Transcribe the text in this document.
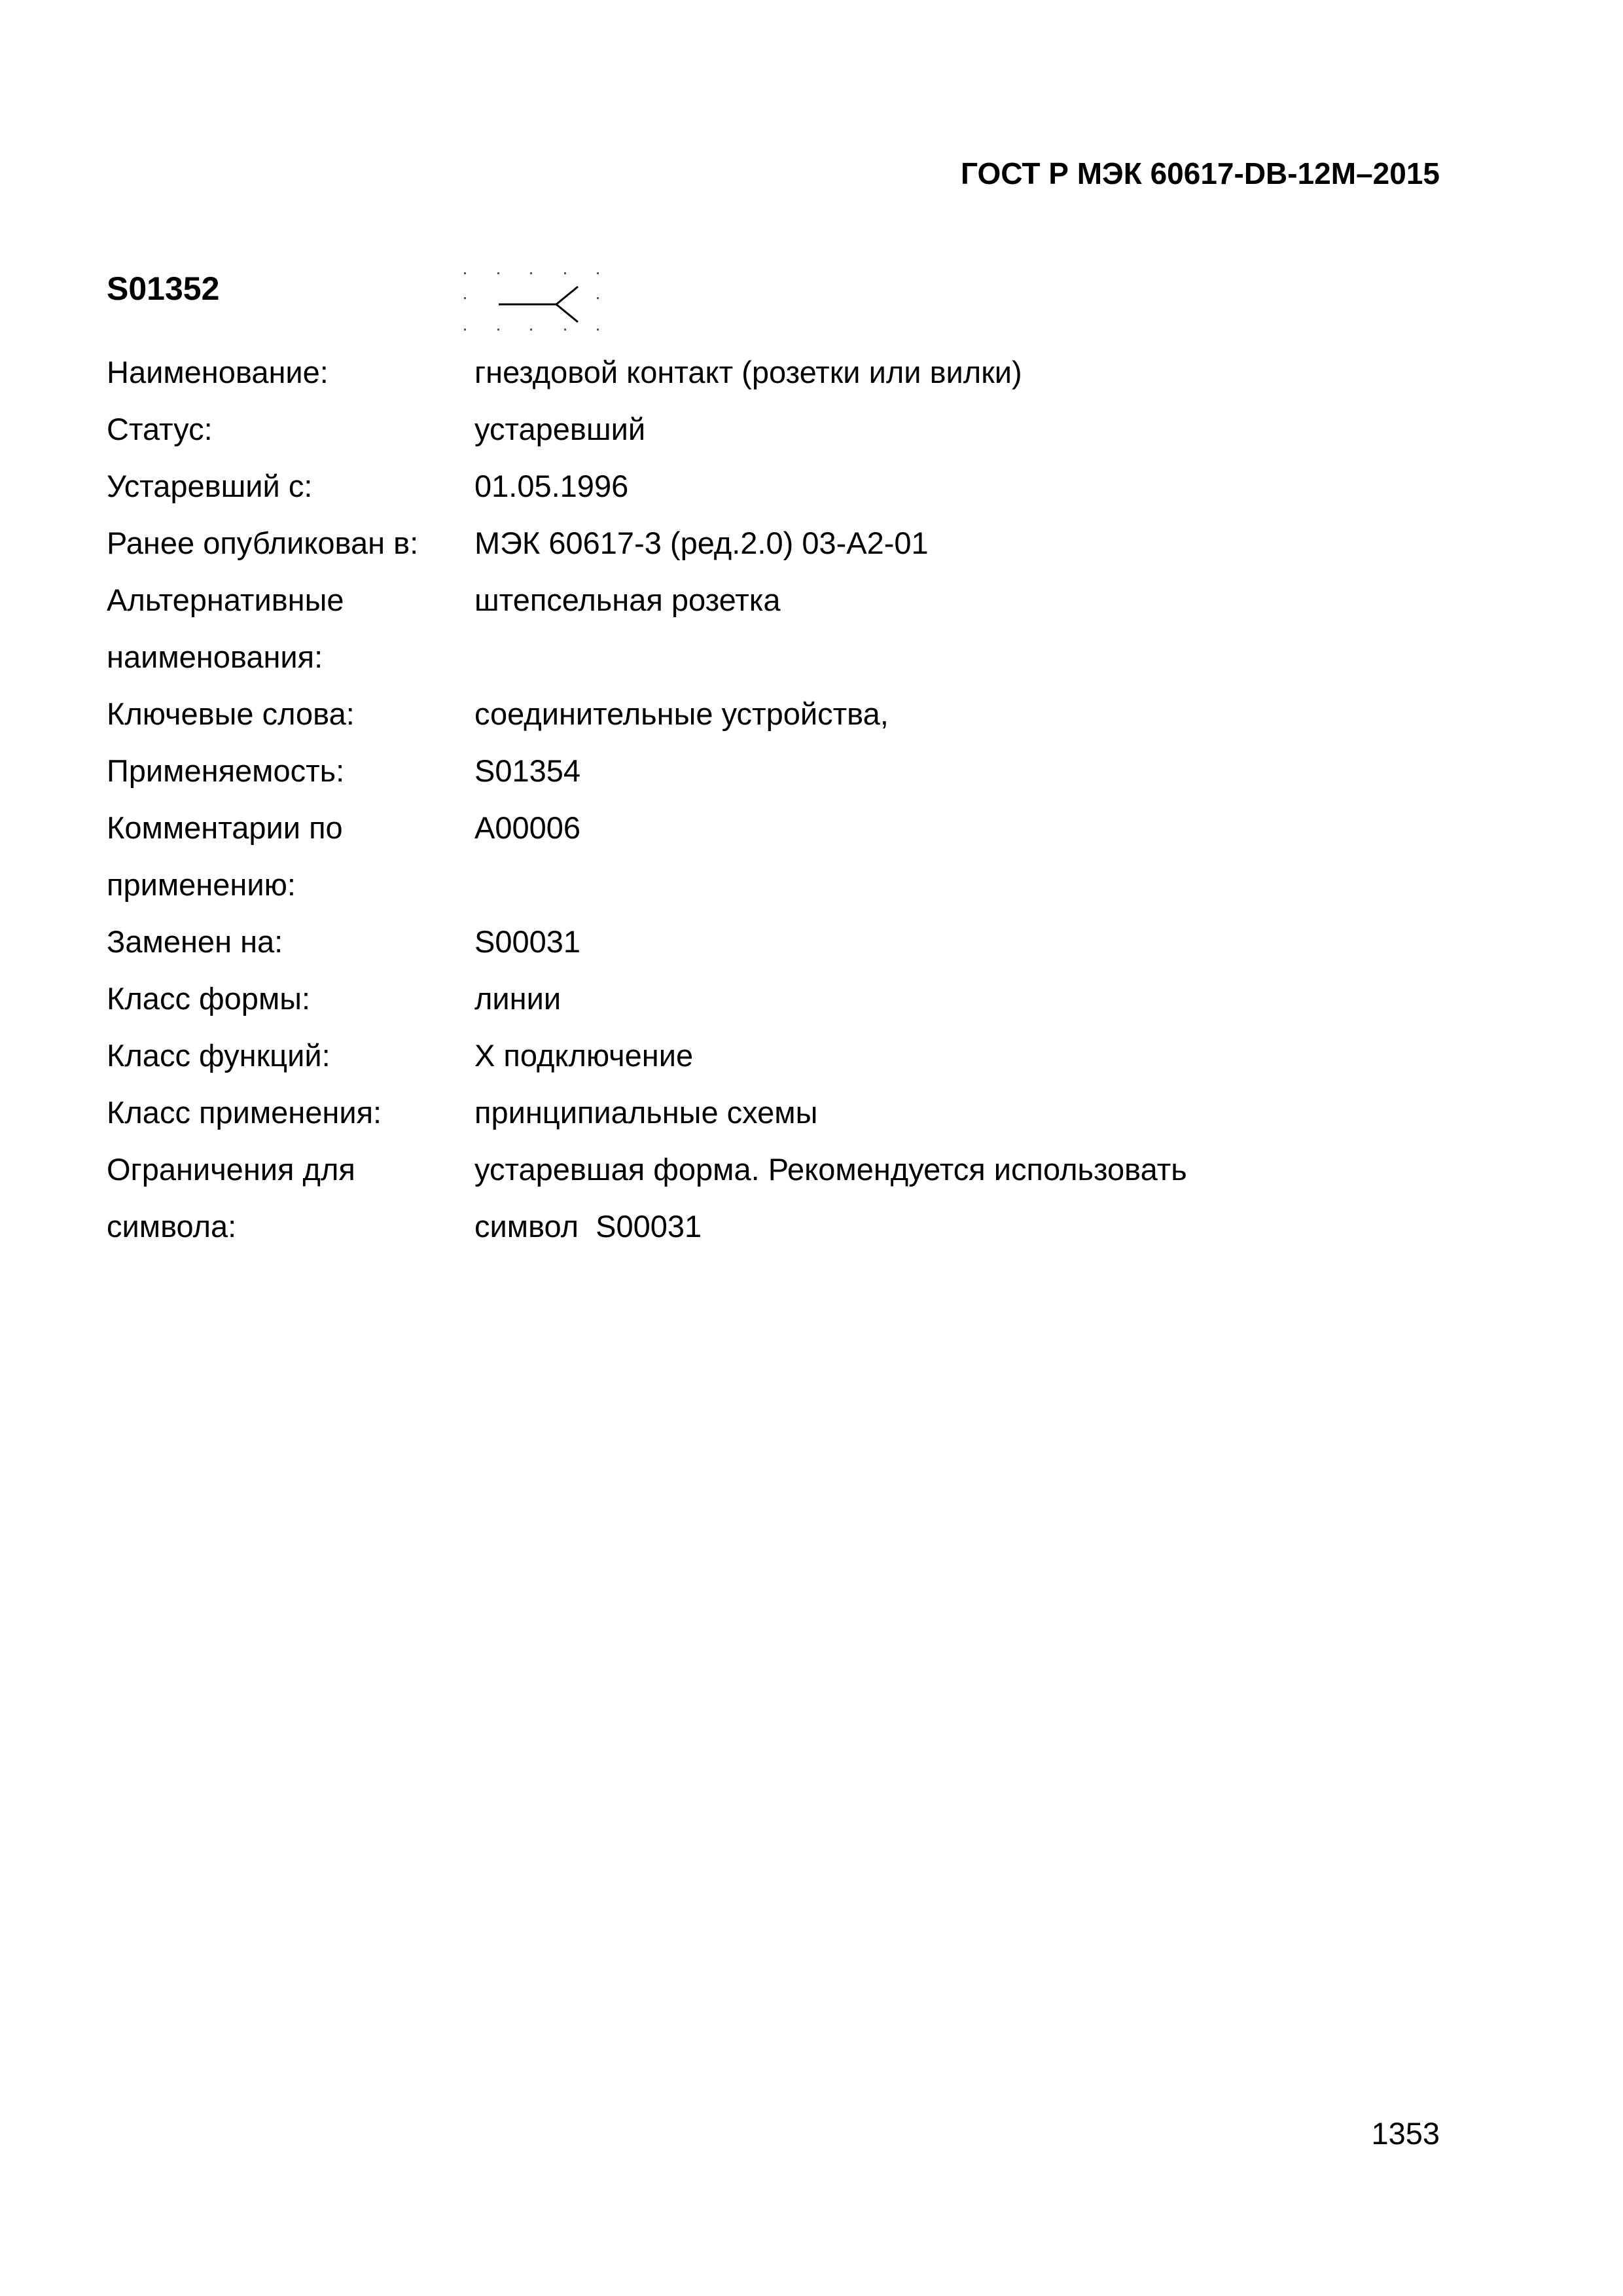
ГОСТ Р МЭК 60617-DB-12M–2015
S01352
Наименование:	гнездовой контакт (розетки или вилки)
Статус:	устаревший
Устаревший с:	01.05.1996
Ранее опубликован в:	МЭК 60617-3 (ред.2.0) 03-A2-01
Альтернативные	штепсельная розетка
наименования:
Ключевые слова:	соединительные устройства,
Применяемость:	S01354
Комментарии по	A00006
применению:
Заменен на:	S00031
Класс формы:	линии
Класс функций:	X подключение
Класс применения:	принципиальные схемы
Ограничения для	устаревшая форма. Рекомендуется использовать
символа:	символ  S00031
1353
